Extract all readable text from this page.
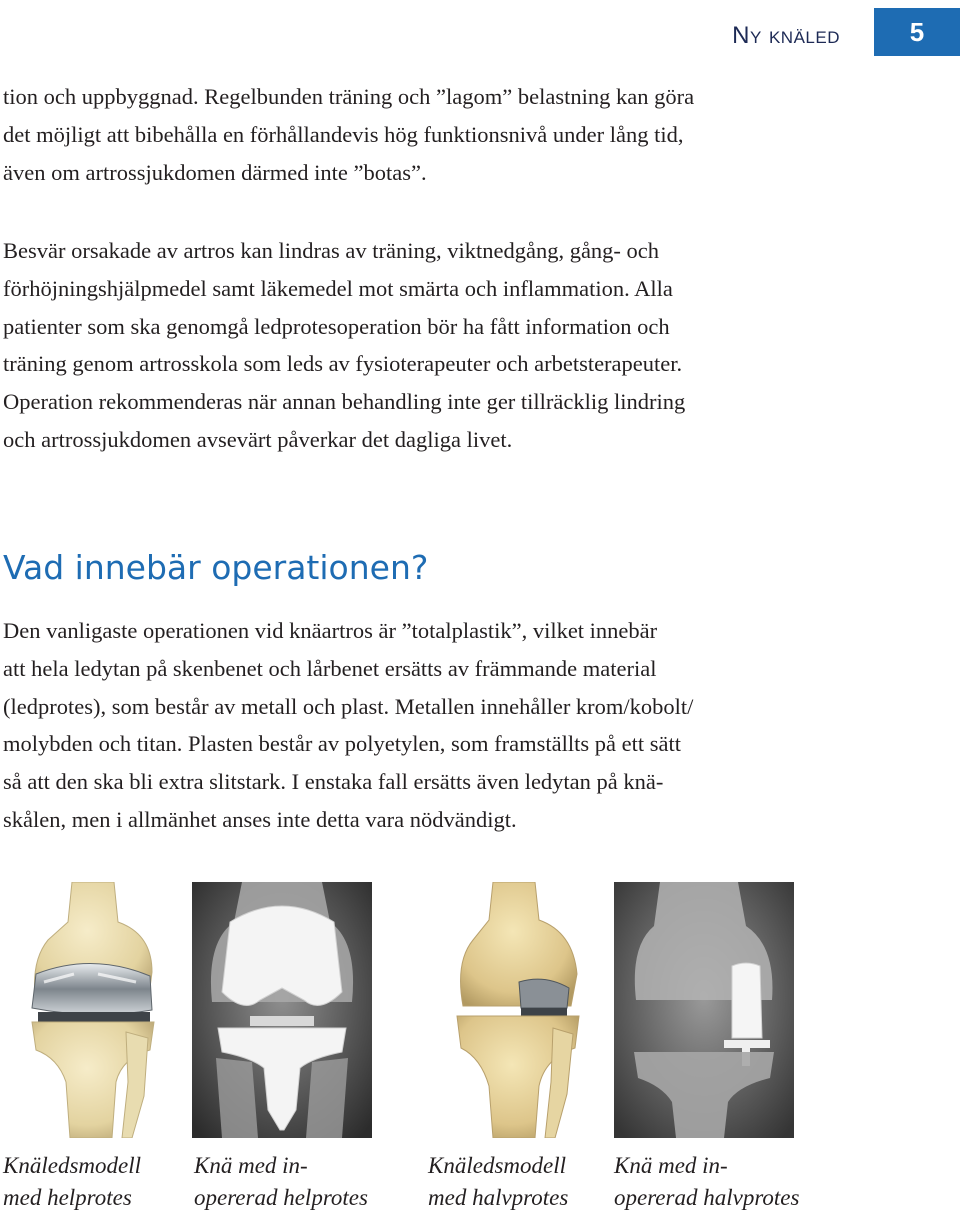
Ny knäled	5

tion och uppbyggnad. Regelbunden träning och ”lagom” belastning kan göra
det möjligt att bibehålla en förhållandevis hög funktionsnivå under lång tid,
även om artrossjukdomen därmed inte ”botas”.

Besvär orsakade av artros kan lindras av träning, viktnedgång, gång- och
förhöjningshjälpmedel samt läkemedel mot smärta och inflammation. Alla
patienter som ska genomgå ledprotesoperation bör ha fått information och
träning genom artrosskola som leds av fysioterapeuter och arbetsterapeuter.
Operation rekommenderas när annan behandling inte ger tillräcklig lindring
och artrossjukdomen avsevärt påverkar det dagliga livet.

Vad innebär operationen?

Den vanligaste operationen vid knäartros är ”totalplastik”, vilket innebär
att hela ledytan på skenbenet och lårbenet ersätts av främmande material
(ledprotes), som består av metall och plast. Metallen innehåller krom/kobolt/
molybden och titan. Plasten består av polyetylen, som framställts på ett sätt
så att den ska bli extra slitstark. I enstaka fall ersätts även ledytan på knä-
skålen, men i allmänhet anses inte detta vara nödvändigt.

Knäledsmodell
med helprotes
Knä med in-
opererad helprotes
Knäledsmodell
med halvprotes
Knä med in-
opererad halvprotes
